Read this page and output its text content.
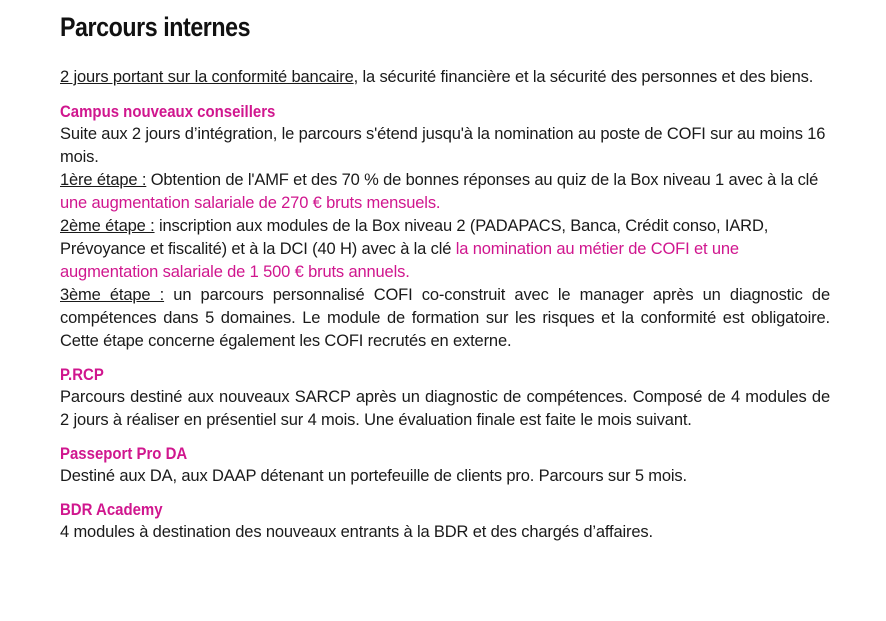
Parcours internes

2 jours portant sur la conformité bancaire, la sécurité financière et la sécurité des personnes et des biens.

Campus nouveaux conseillers

Suite aux 2 jours d’intégration, le parcours s'étend jusqu'à la nomination au poste de COFI sur au moins 16 mois.

1ère étape : Obtention de l'AMF et des 70 % de bonnes réponses au quiz de la Box niveau 1 avec à la clé une augmentation salariale de 270 € bruts mensuels.

2ème étape : inscription aux modules de la Box niveau 2 (PADAPACS, Banca, Crédit conso, IARD, Prévoyance et fiscalité) et à la DCI (40 H) avec à la clé la nomination au métier de COFI et une augmentation salariale de 1 500 € bruts annuels.

3ème étape : un parcours personnalisé COFI co-construit avec le manager après un diagnostic de compétences dans 5 domaines. Le module de formation sur les risques et la conformité est obligatoire. Cette étape concerne également les COFI recrutés en externe.

P.RCP

Parcours destiné aux nouveaux SARCP après un diagnostic de compétences. Composé de 4 modules de 2 jours à réaliser en présentiel sur 4 mois. Une évaluation finale est faite le mois suivant.

Passeport Pro DA

Destiné aux DA, aux DAAP détenant un portefeuille de clients pro. Parcours sur 5 mois.

BDR Academy

4 modules à destination des nouveaux entrants à la BDR et des chargés d’affaires.
